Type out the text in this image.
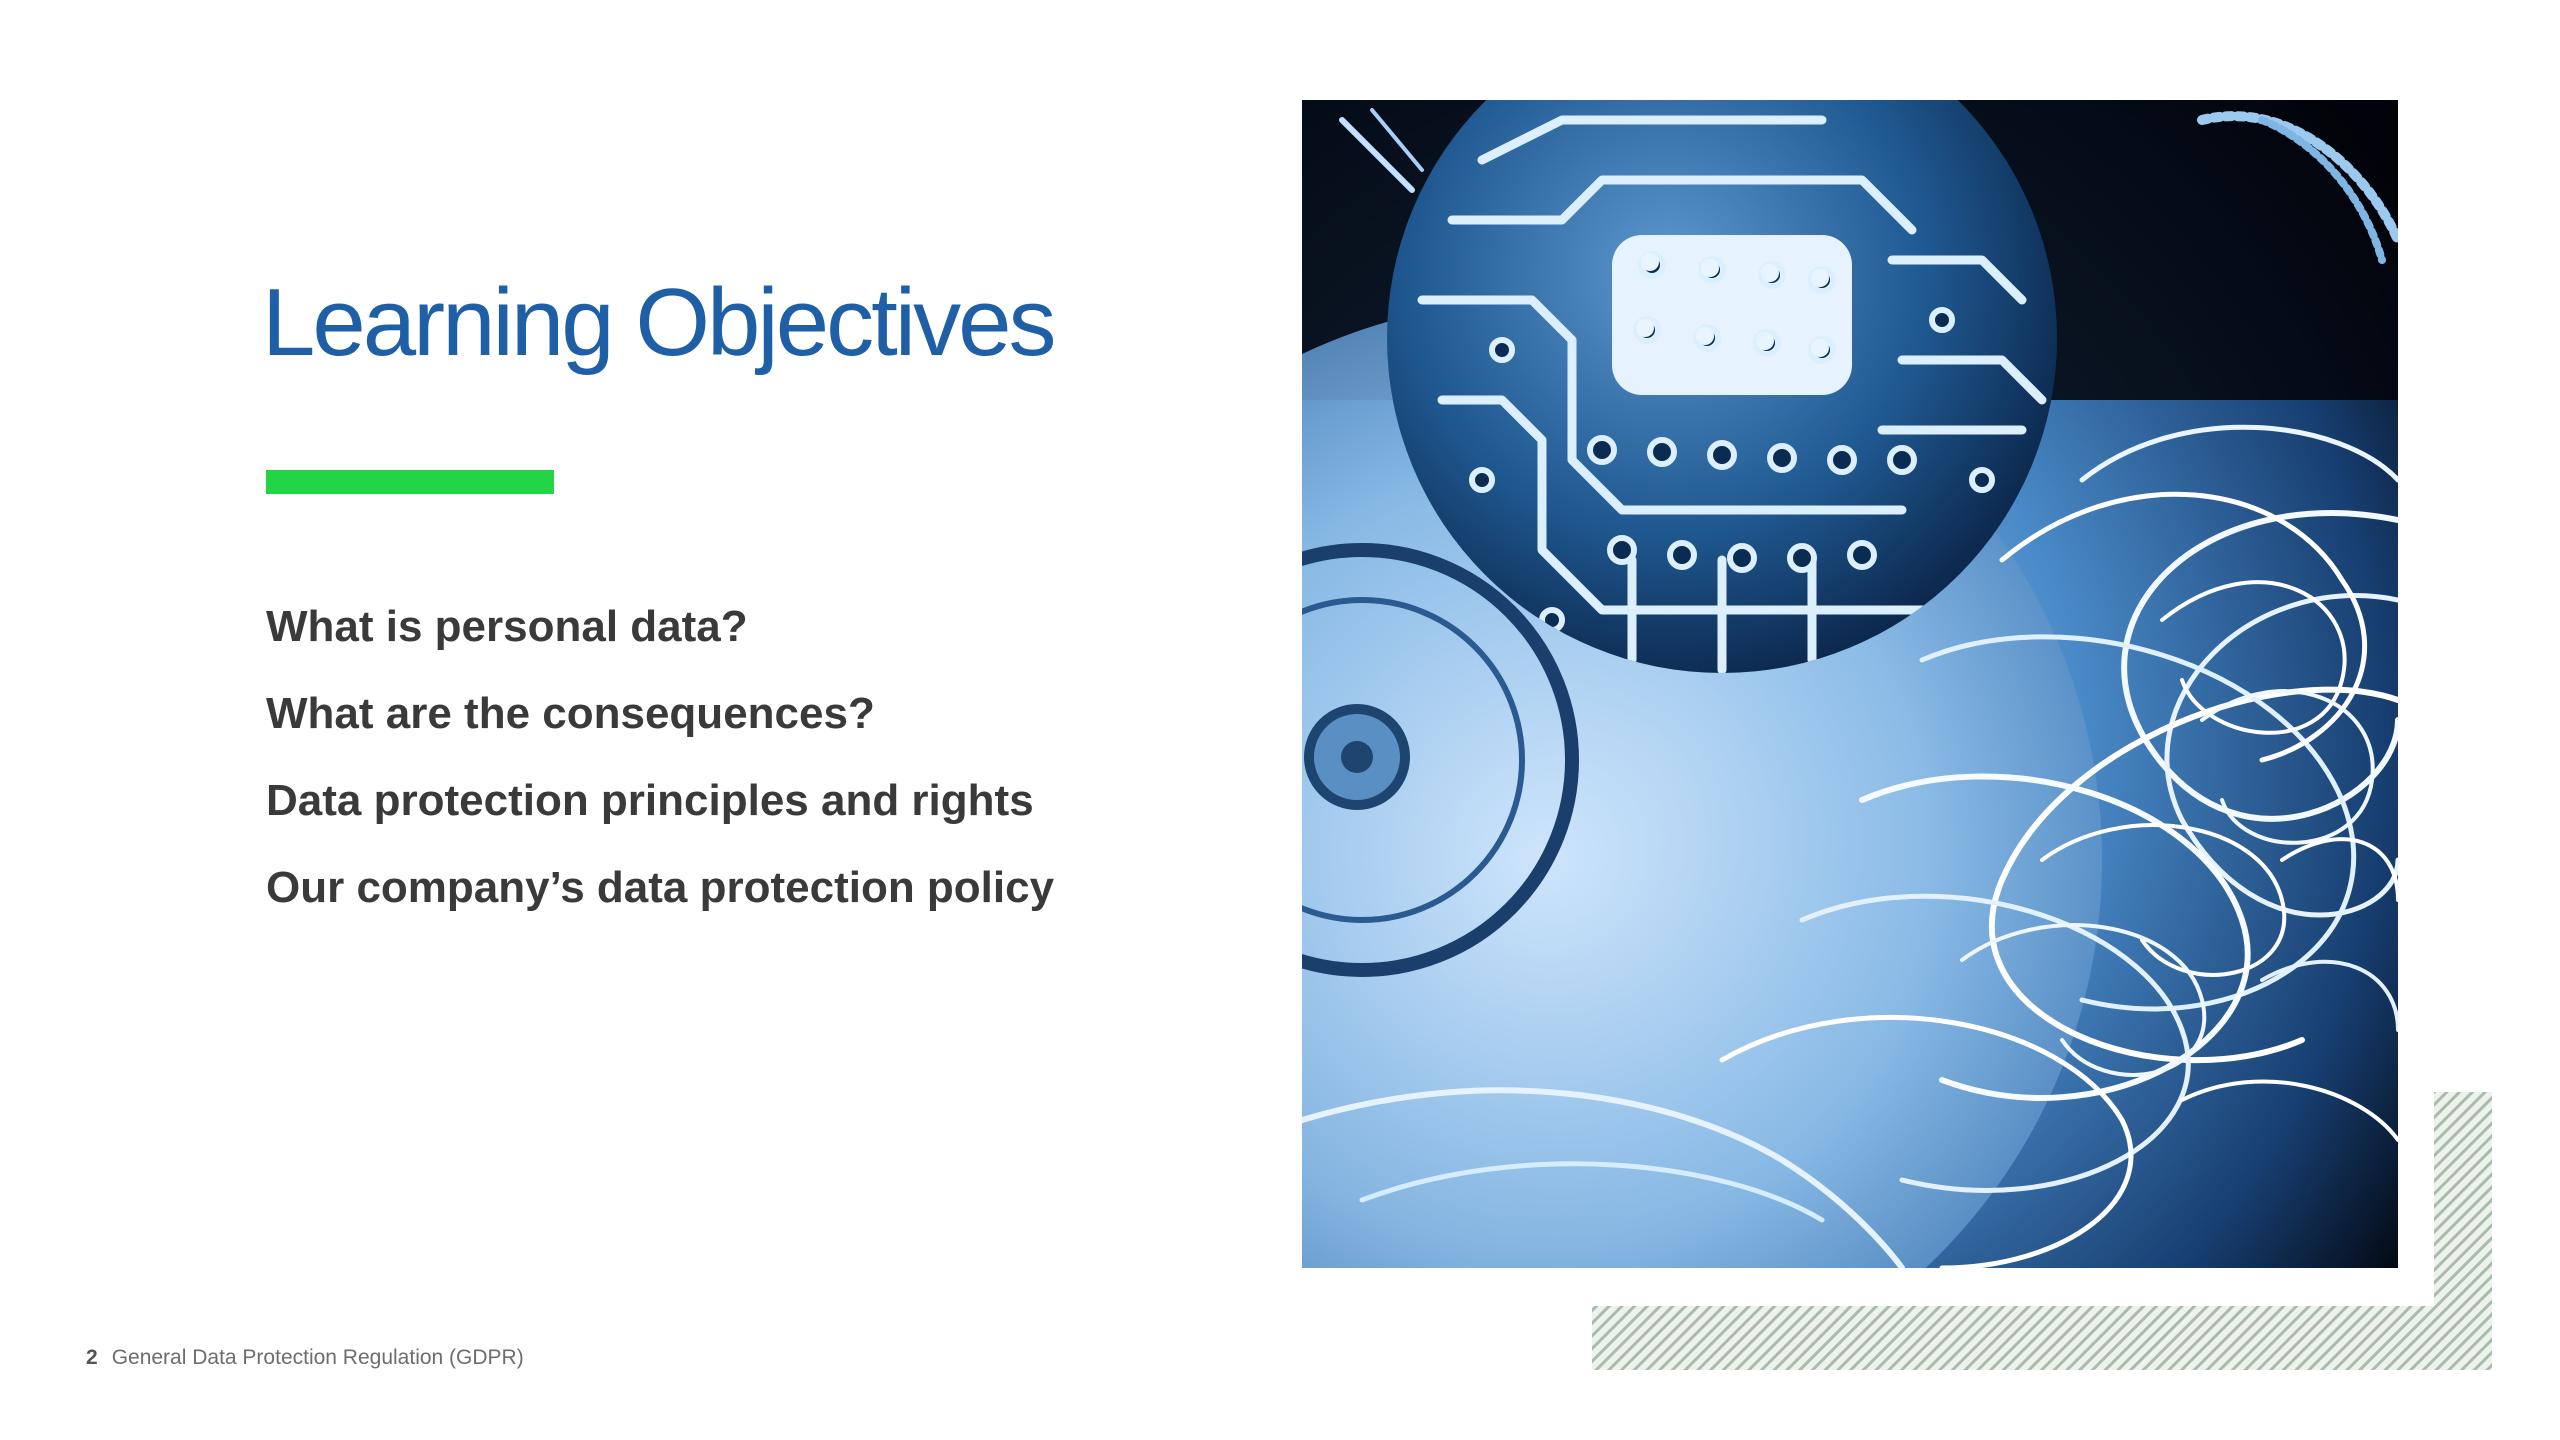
Learning Objectives
What is personal data?
What are the consequences?
Data protection principles and rights
Our company’s data protection policy
2 General Data Protection Regulation (GDPR)
